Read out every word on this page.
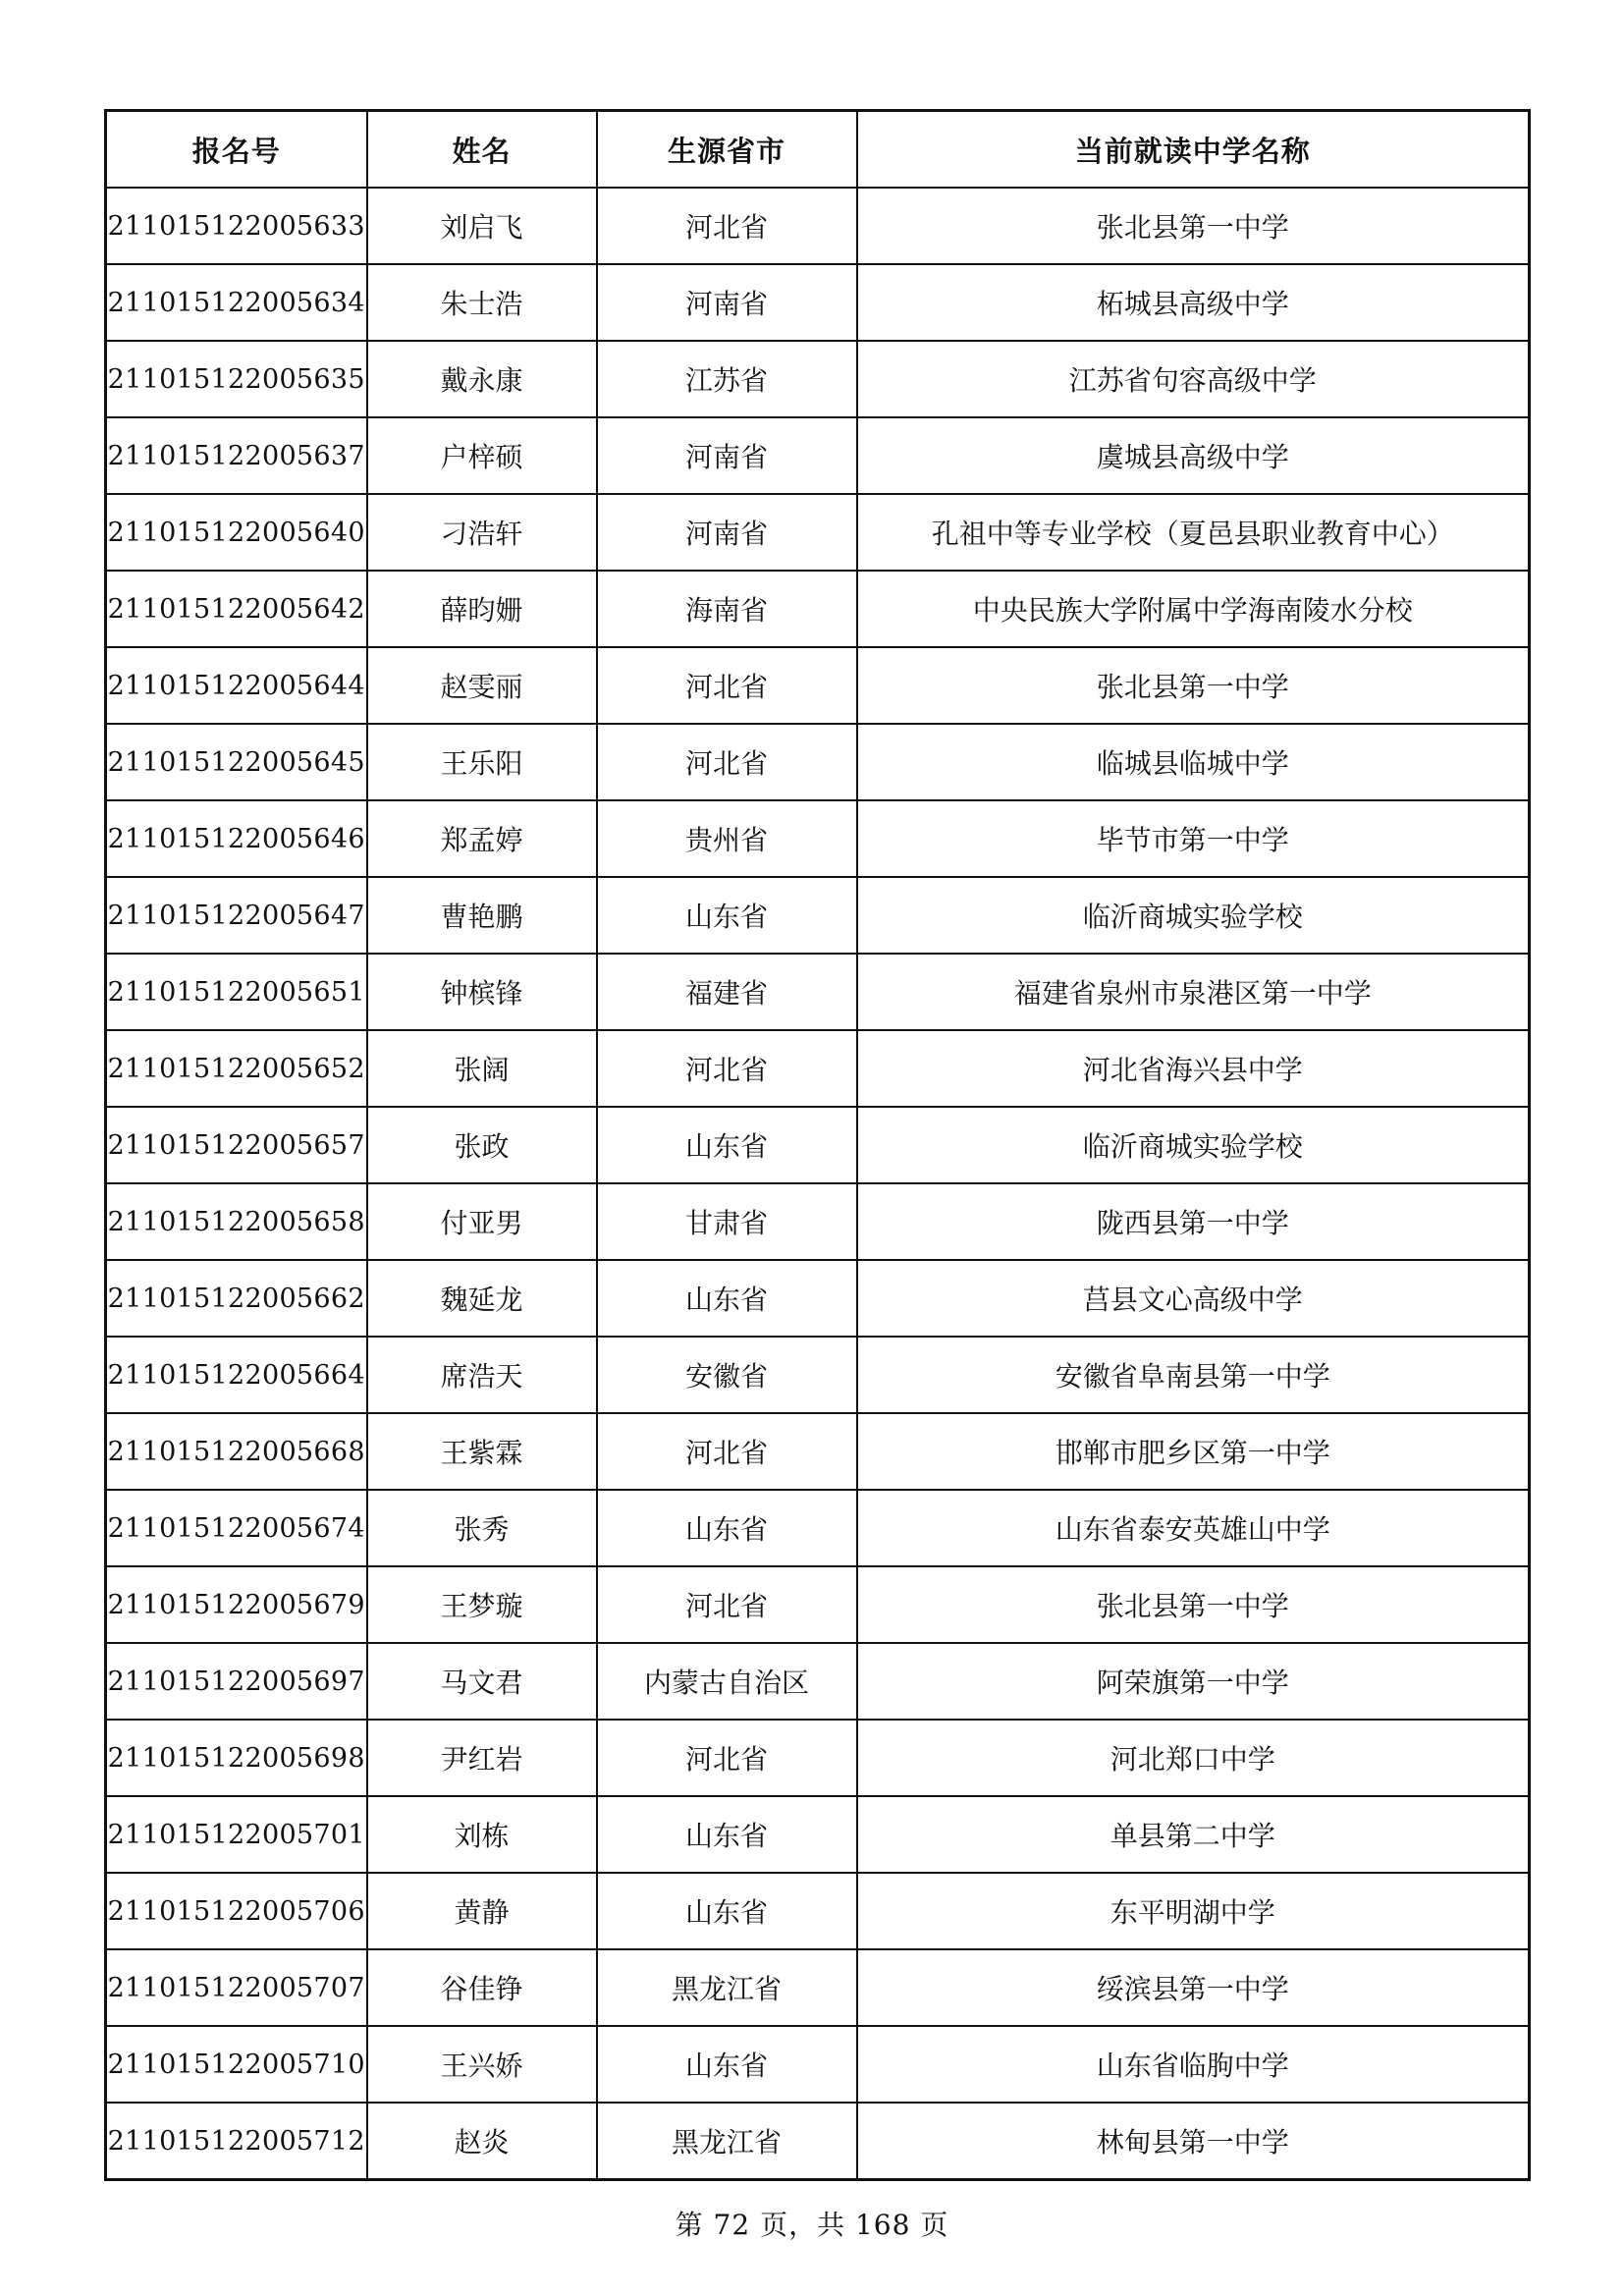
报名号	姓名	生源省市	当前就读中学名称
211015122005633	刘启飞	河北省	张北县第一中学
211015122005634	朱士浩	河南省	柘城县高级中学
211015122005635	戴永康	江苏省	江苏省句容高级中学
211015122005637	户梓硕	河南省	虞城县高级中学
211015122005640	刁浩轩	河南省	孔祖中等专业学校（夏邑县职业教育中心）
211015122005642	薛昀姗	海南省	中央民族大学附属中学海南陵水分校
211015122005644	赵雯丽	河北省	张北县第一中学
211015122005645	王乐阳	河北省	临城县临城中学
211015122005646	郑孟婷	贵州省	毕节市第一中学
211015122005647	曹艳鹏	山东省	临沂商城实验学校
211015122005651	钟槟锋	福建省	福建省泉州市泉港区第一中学
211015122005652	张阔	河北省	河北省海兴县中学
211015122005657	张政	山东省	临沂商城实验学校
211015122005658	付亚男	甘肃省	陇西县第一中学
211015122005662	魏延龙	山东省	莒县文心高级中学
211015122005664	席浩天	安徽省	安徽省阜南县第一中学
211015122005668	王紫霖	河北省	邯郸市肥乡区第一中学
211015122005674	张秀	山东省	山东省泰安英雄山中学
211015122005679	王梦璇	河北省	张北县第一中学
211015122005697	马文君	内蒙古自治区	阿荣旗第一中学
211015122005698	尹红岩	河北省	河北郑口中学
211015122005701	刘栋	山东省	单县第二中学
211015122005706	黄静	山东省	东平明湖中学
211015122005707	谷佳铮	黑龙江省	绥滨县第一中学
211015122005710	王兴娇	山东省	山东省临朐中学
211015122005712	赵炎	黑龙江省	林甸县第一中学
第 72 页，共 168 页
